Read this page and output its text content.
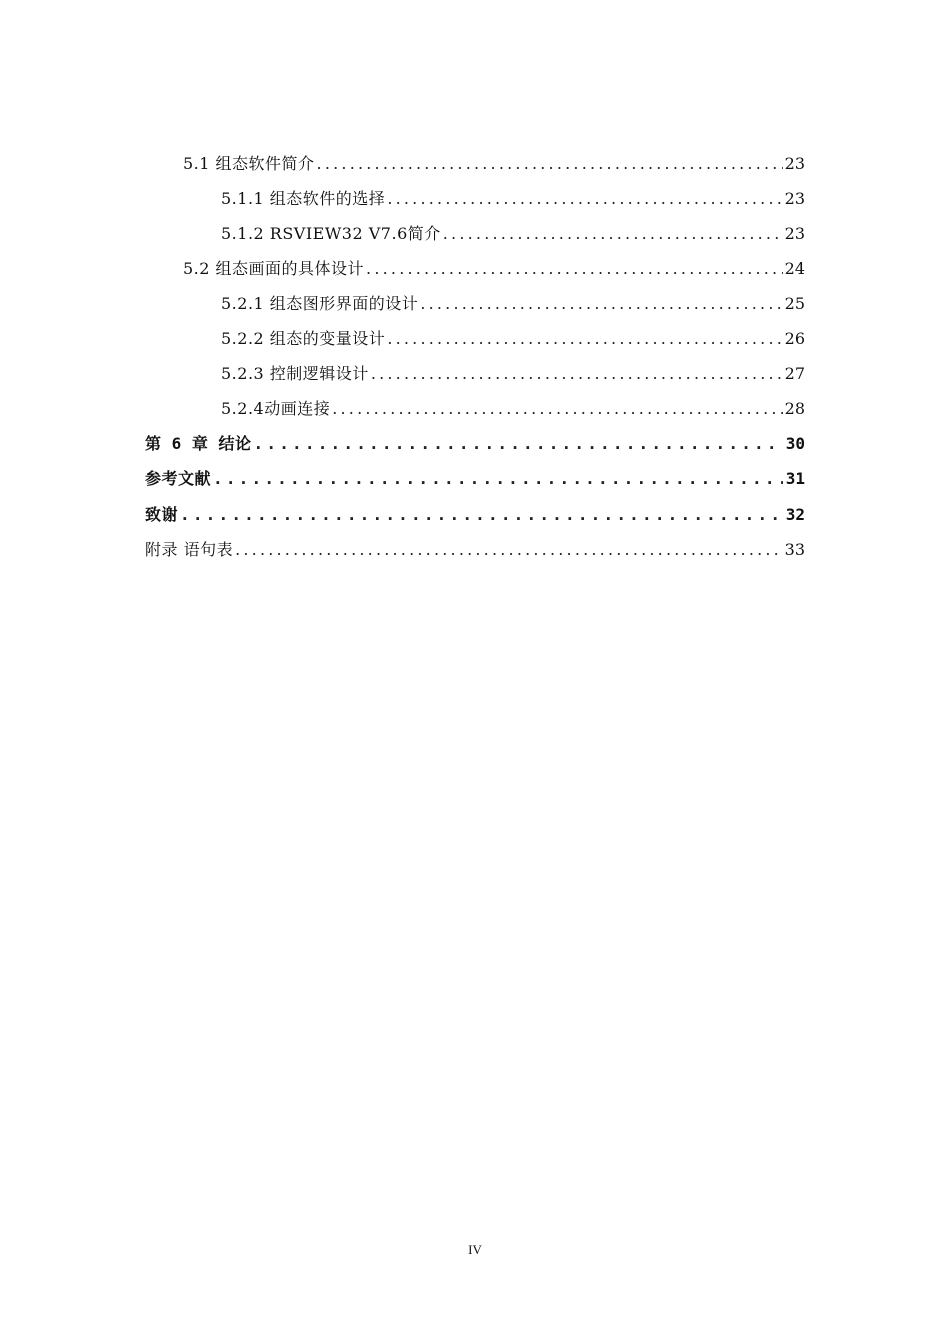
5.1 组态软件简介 .....	23
5.1.1 组态软件的选择 .....	23
5.1.2 RSVIEW32 V7.6简介 .....	23
5.2 组态画面的具体设计 .....	24
5.2.1 组态图形界面的设计 .....	25
5.2.2 组态的变量设计 .....	26
5.2.3 控制逻辑设计 .....	27
5.2.4动画连接 .....	28
第 6 章 结论 .....	30
参考文献 .....	31
致谢 .....	32
附录 语句表 .....	33
IV
